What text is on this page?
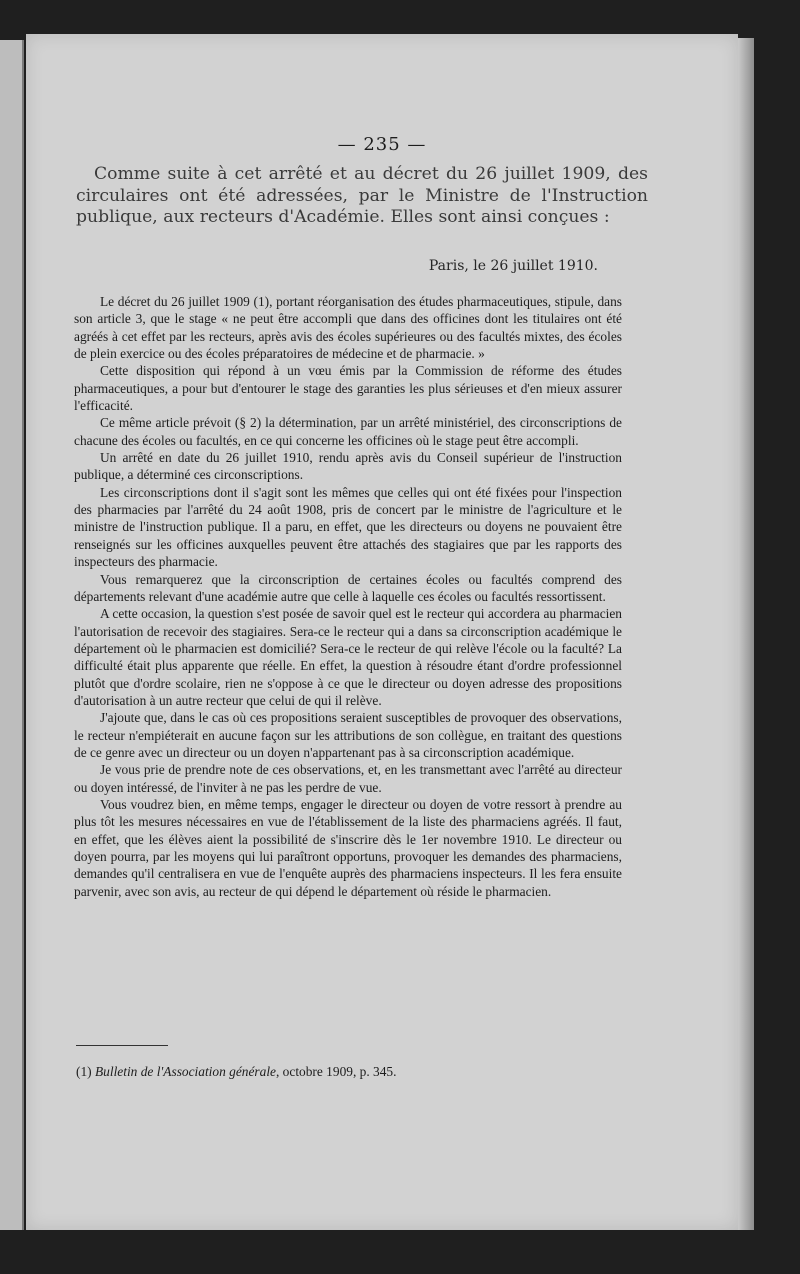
— 235 —

Comme suite à cet arrêté et au décret du 26 juillet 1909, des circulaires ont été adressées, par le Ministre de l'Instruction publique, aux recteurs d'Académie. Elles sont ainsi conçues :

Paris, le 26 juillet 1910.

Le décret du 26 juillet 1909 (1), portant réorganisation des études pharmaceutiques, stipule, dans son article 3, que le stage « ne peut être accompli que dans des officines dont les titulaires ont été agréés à cet effet par les recteurs, après avis des écoles supérieures ou des facultés mixtes, des écoles de plein exercice ou des écoles préparatoires de médecine et de pharmacie. »

Cette disposition qui répond à un vœu émis par la Commission de réforme des études pharmaceutiques, a pour but d'entourer le stage des garanties les plus sérieuses et d'en mieux assurer l'efficacité.

Ce même article prévoit (§ 2) la détermination, par un arrêté ministériel, des circonscriptions de chacune des écoles ou facultés, en ce qui concerne les officines où le stage peut être accompli.

Un arrêté en date du 26 juillet 1910, rendu après avis du Conseil supérieur de l'instruction publique, a déterminé ces circonscriptions.

Les circonscriptions dont il s'agit sont les mêmes que celles qui ont été fixées pour l'inspection des pharmacies par l'arrêté du 24 août 1908, pris de concert par le ministre de l'agriculture et le ministre de l'instruction publique. Il a paru, en effet, que les directeurs ou doyens ne pouvaient être renseignés sur les officines auxquelles peuvent être attachés des stagiaires que par les rapports des inspecteurs des pharmacie.

Vous remarquerez que la circonscription de certaines écoles ou facultés comprend des départements relevant d'une académie autre que celle à laquelle ces écoles ou facultés ressortissent.

A cette occasion, la question s'est posée de savoir quel est le recteur qui accordera au pharmacien l'autorisation de recevoir des stagiaires. Sera-ce le recteur qui a dans sa circonscription académique le département où le pharmacien est domicilié? Sera-ce le recteur de qui relève l'école ou la faculté? La difficulté était plus apparente que réelle. En effet, la question à résoudre étant d'ordre professionnel plutôt que d'ordre scolaire, rien ne s'oppose à ce que le directeur ou doyen adresse des propositions d'autorisation à un autre recteur que celui de qui il relève.

J'ajoute que, dans le cas où ces propositions seraient susceptibles de provoquer des observations, le recteur n'empiéterait en aucune façon sur les attributions de son collègue, en traitant des questions de ce genre avec un directeur ou un doyen n'appartenant pas à sa circonscription académique.

Je vous prie de prendre note de ces observations, et, en les transmettant avec l'arrêté au directeur ou doyen intéressé, de l'inviter à ne pas les perdre de vue.

Vous voudrez bien, en même temps, engager le directeur ou doyen de votre ressort à prendre au plus tôt les mesures nécessaires en vue de l'établissement de la liste des pharmaciens agréés. Il faut, en effet, que les élèves aient la possibilité de s'inscrire dès le 1er novembre 1910. Le directeur ou doyen pourra, par les moyens qui lui paraîtront opportuns, provoquer les demandes des pharmaciens, demandes qu'il centralisera en vue de l'enquête auprès des pharmaciens inspecteurs. Il les fera ensuite parvenir, avec son avis, au recteur de qui dépend le département où réside le pharmacien.

(1) Bulletin de l'Association générale, octobre 1909, p. 345.
